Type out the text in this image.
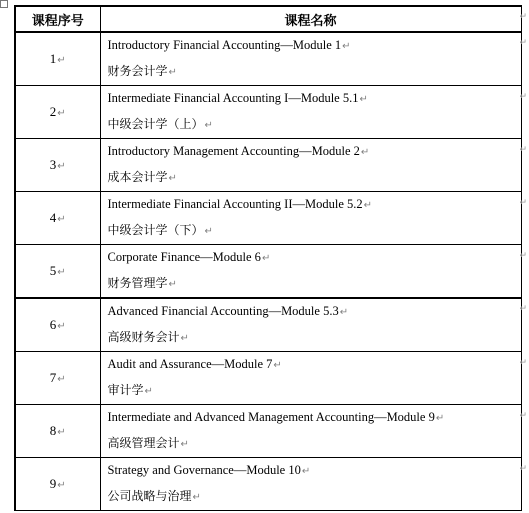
课程序号	课程名称
1↵	Introductory Financial Accounting—Module 1↵
财务会计学↵

2↵	Intermediate Financial Accounting I—Module 5.1↵
中级会计学（上）↵

3↵	Introductory Management Accounting—Module 2↵
成本会计学↵

4↵	Intermediate Financial Accounting II—Module 5.2↵
中级会计学（下）↵

5↵	Corporate Finance—Module 6↵
财务管理学↵

6↵	Advanced Financial Accounting—Module 5.3↵
高级财务会计↵

7↵	Audit and Assurance—Module 7↵
审计学↵

8↵	Intermediate and Advanced Management Accounting—Module 9↵
高级管理会计↵

9↵	Strategy and Governance—Module 10↵
公司战略与治理↵
↵
↵
↵
↵
↵
↵
↵
↵
↵
↵
